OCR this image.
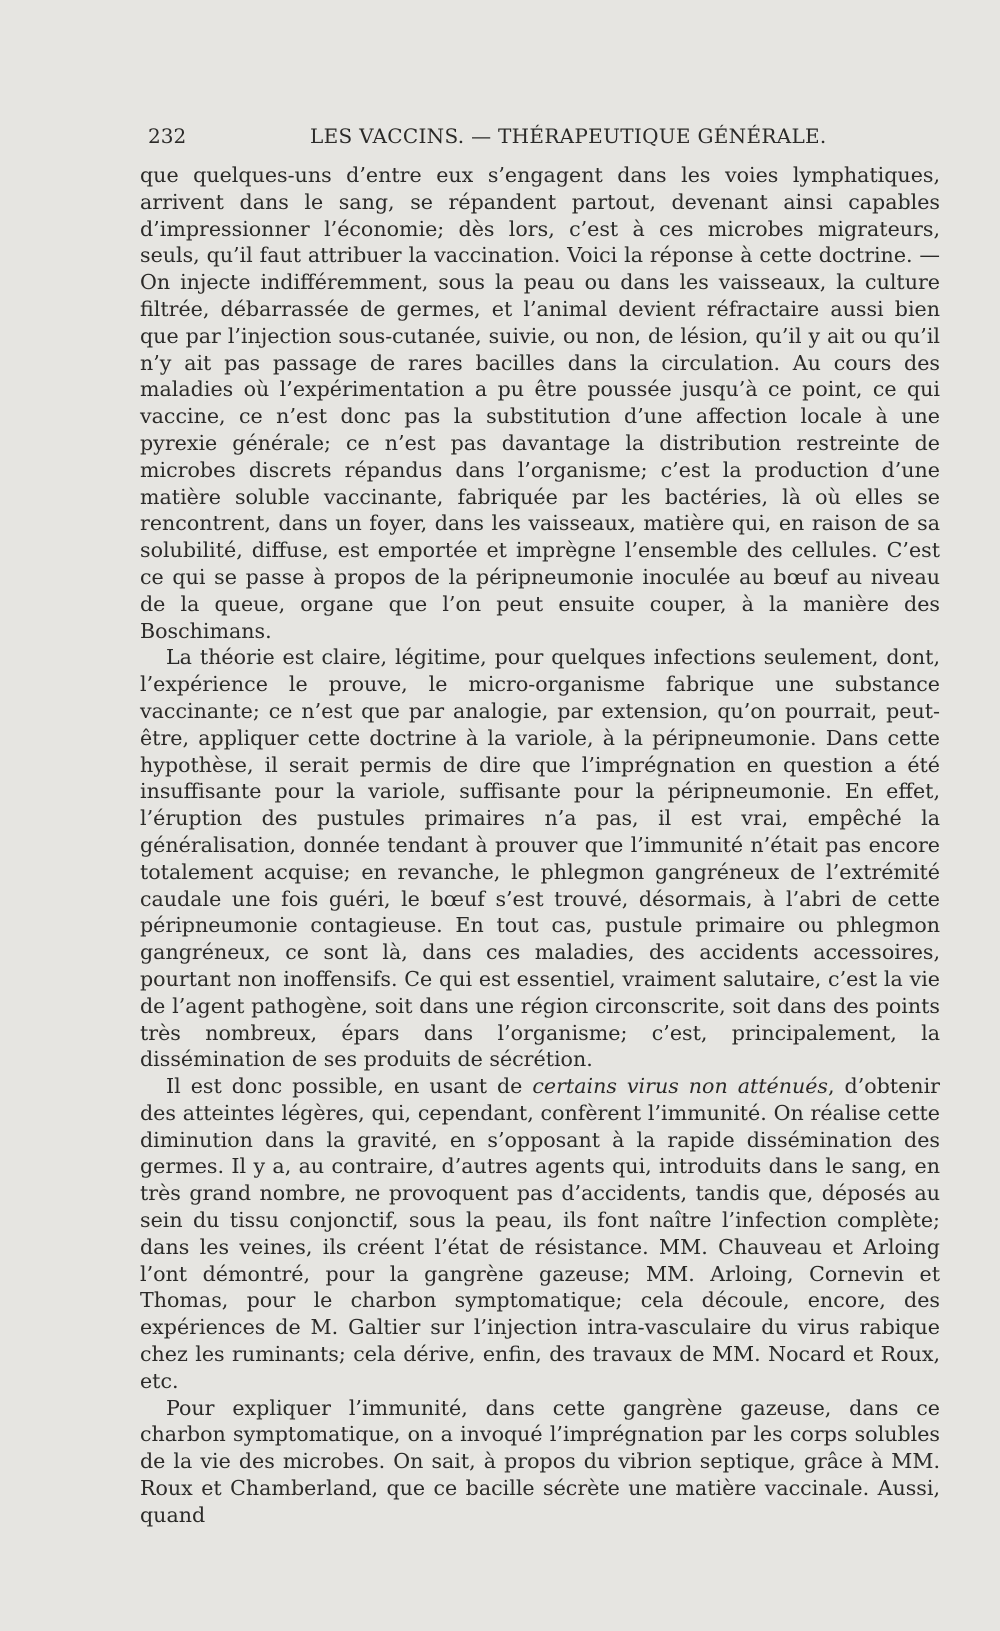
232	LES VACCINS. — THÉRAPEUTIQUE GÉNÉRALE.

que quelques-uns d’entre eux s’engagent dans les voies lymphatiques, arrivent dans le sang, se répandent partout, devenant ainsi capables d’impressionner l’économie; dès lors, c’est à ces microbes migrateurs, seuls, qu’il faut attribuer la vaccination. Voici la réponse à cette doctrine. — On injecte indifféremment, sous la peau ou dans les vaisseaux, la culture filtrée, débarrassée de germes, et l’animal devient réfractaire aussi bien que par l’injection sous-cutanée, suivie, ou non, de lésion, qu’il y ait ou qu’il n’y ait pas passage de rares bacilles dans la circulation. Au cours des maladies où l’expérimentation a pu être poussée jusqu’à ce point, ce qui vaccine, ce n’est donc pas la substitution d’une affection locale à une pyrexie générale; ce n’est pas davantage la distribution restreinte de microbes discrets répandus dans l’organisme; c’est la production d’une matière soluble vaccinante, fabriquée par les bactéries, là où elles se rencontrent, dans un foyer, dans les vaisseaux, matière qui, en raison de sa solubilité, diffuse, est emportée et imprègne l’ensemble des cellules. C’est ce qui se passe à propos de la péripneumonie inoculée au bœuf au niveau de la queue, organe que l’on peut ensuite couper, à la manière des Boschimans.

La théorie est claire, légitime, pour quelques infections seulement, dont, l’expérience le prouve, le micro-organisme fabrique une substance vaccinante; ce n’est que par analogie, par extension, qu’on pourrait, peut-être, appliquer cette doctrine à la variole, à la péripneumonie. Dans cette hypothèse, il serait permis de dire que l’imprégnation en question a été insuffisante pour la variole, suffisante pour la péripneumonie. En effet, l’éruption des pustules primaires n’a pas, il est vrai, empêché la généralisation, donnée tendant à prouver que l’immunité n’était pas encore totalement acquise; en revanche, le phlegmon gangréneux de l’extrémité caudale une fois guéri, le bœuf s’est trouvé, désormais, à l’abri de cette péripneumonie contagieuse. En tout cas, pustule primaire ou phlegmon gangréneux, ce sont là, dans ces maladies, des accidents accessoires, pourtant non inoffensifs. Ce qui est essentiel, vraiment salutaire, c’est la vie de l’agent pathogène, soit dans une région circonscrite, soit dans des points très nombreux, épars dans l’organisme; c’est, principalement, la dissémination de ses produits de sécrétion.

Il est donc possible, en usant de certains virus non atténués, d’obtenir des atteintes légères, qui, cependant, confèrent l’immunité. On réalise cette diminution dans la gravité, en s’opposant à la rapide dissémination des germes. Il y a, au contraire, d’autres agents qui, introduits dans le sang, en très grand nombre, ne provoquent pas d’accidents, tandis que, déposés au sein du tissu conjonctif, sous la peau, ils font naître l’infection complète; dans les veines, ils créent l’état de résistance. MM. Chauveau et Arloing l’ont démontré, pour la gangrène gazeuse; MM. Arloing, Cornevin et Thomas, pour le charbon symptomatique; cela découle, encore, des expériences de M. Galtier sur l’injection intra-vasculaire du virus rabique chez les ruminants; cela dérive, enfin, des travaux de MM. Nocard et Roux, etc.

Pour expliquer l’immunité, dans cette gangrène gazeuse, dans ce charbon symptomatique, on a invoqué l’imprégnation par les corps solubles de la vie des microbes. On sait, à propos du vibrion septique, grâce à MM. Roux et Chamberland, que ce bacille sécrète une matière vaccinale. Aussi, quand
